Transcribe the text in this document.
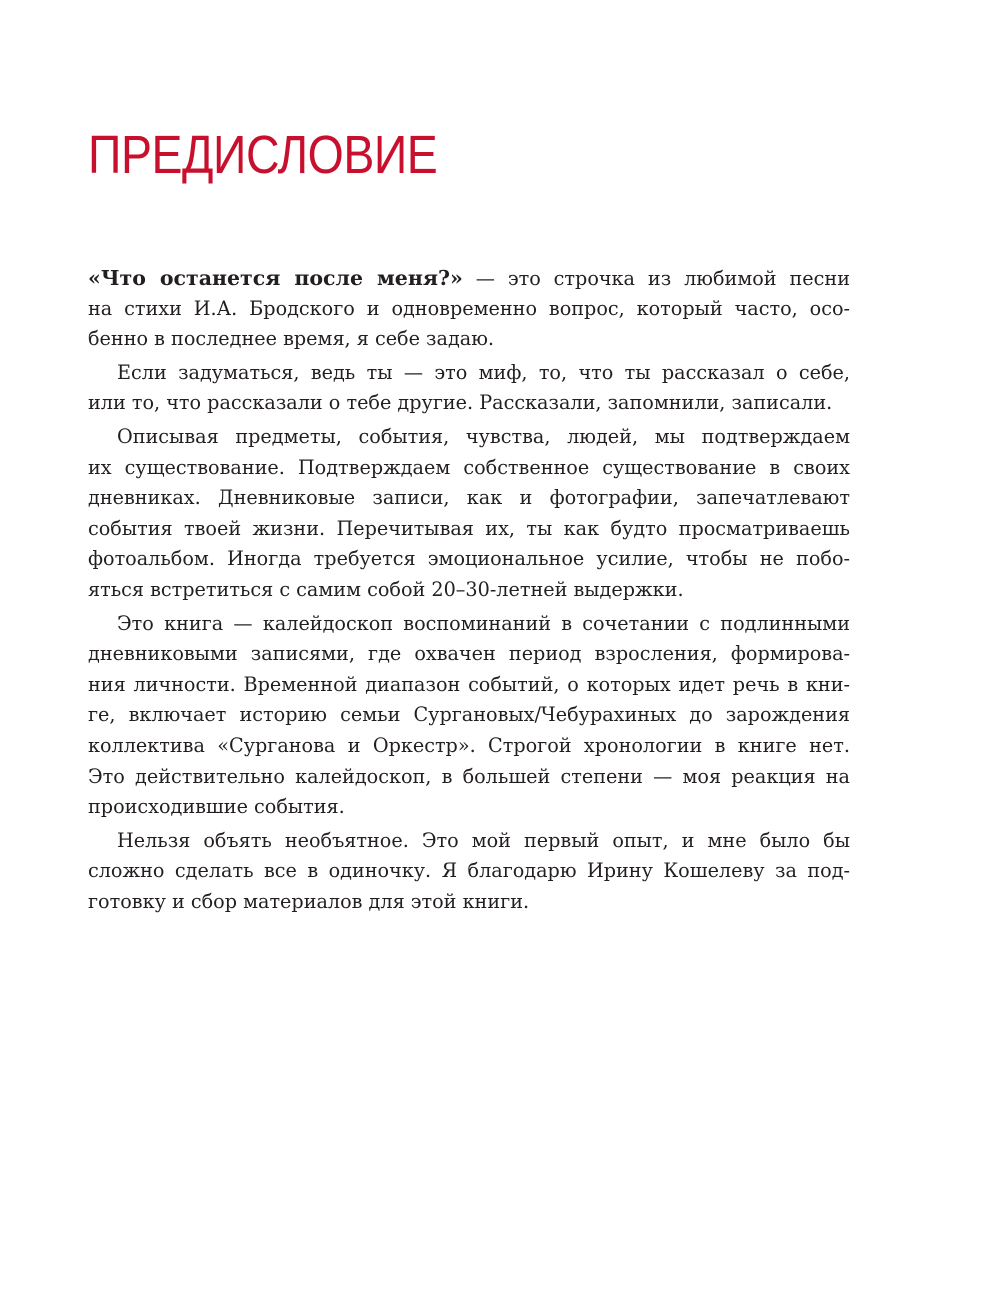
ПРЕДИСЛОВИЕ
«Что останется после меня?» — это строчка из любимой песни
на стихи И.А. Бродского и одновременно вопрос, который часто, осо-
бенно в последнее время, я себе задаю.
Если задуматься, ведь ты — это миф, то, что ты рассказал о себе,
или то, что рассказали о тебе другие. Рассказали, запомнили, записали.
Описывая предметы, события, чувства, людей, мы подтверждаем
их существование. Подтверждаем собственное существование в своих
дневниках. Дневниковые записи, как и фотографии, запечатлевают
события твоей жизни. Перечитывая их, ты как будто просматриваешь
фотоальбом. Иногда требуется эмоциональное усилие, чтобы не побо-
яться встретиться с самим собой 20–30-летней выдержки.
Это книга — калейдоскоп воспоминаний в сочетании с подлинными
дневниковыми записями, где охвачен период взросления, формирова-
ния личности. Временной диапазон событий, о которых идет речь в кни-
ге, включает историю семьи Сургановых/Чебурахиных до зарождения
коллектива «Сурганова и Оркестр». Строгой хронологии в книге нет.
Это действительно калейдоскоп, в большей степени — моя реакция на
происходившие события.
Нельзя объять необъятное. Это мой первый опыт, и мне было бы
сложно сделать все в одиночку. Я благодарю Ирину Кошелеву за под-
готовку и сбор материалов для этой книги.
